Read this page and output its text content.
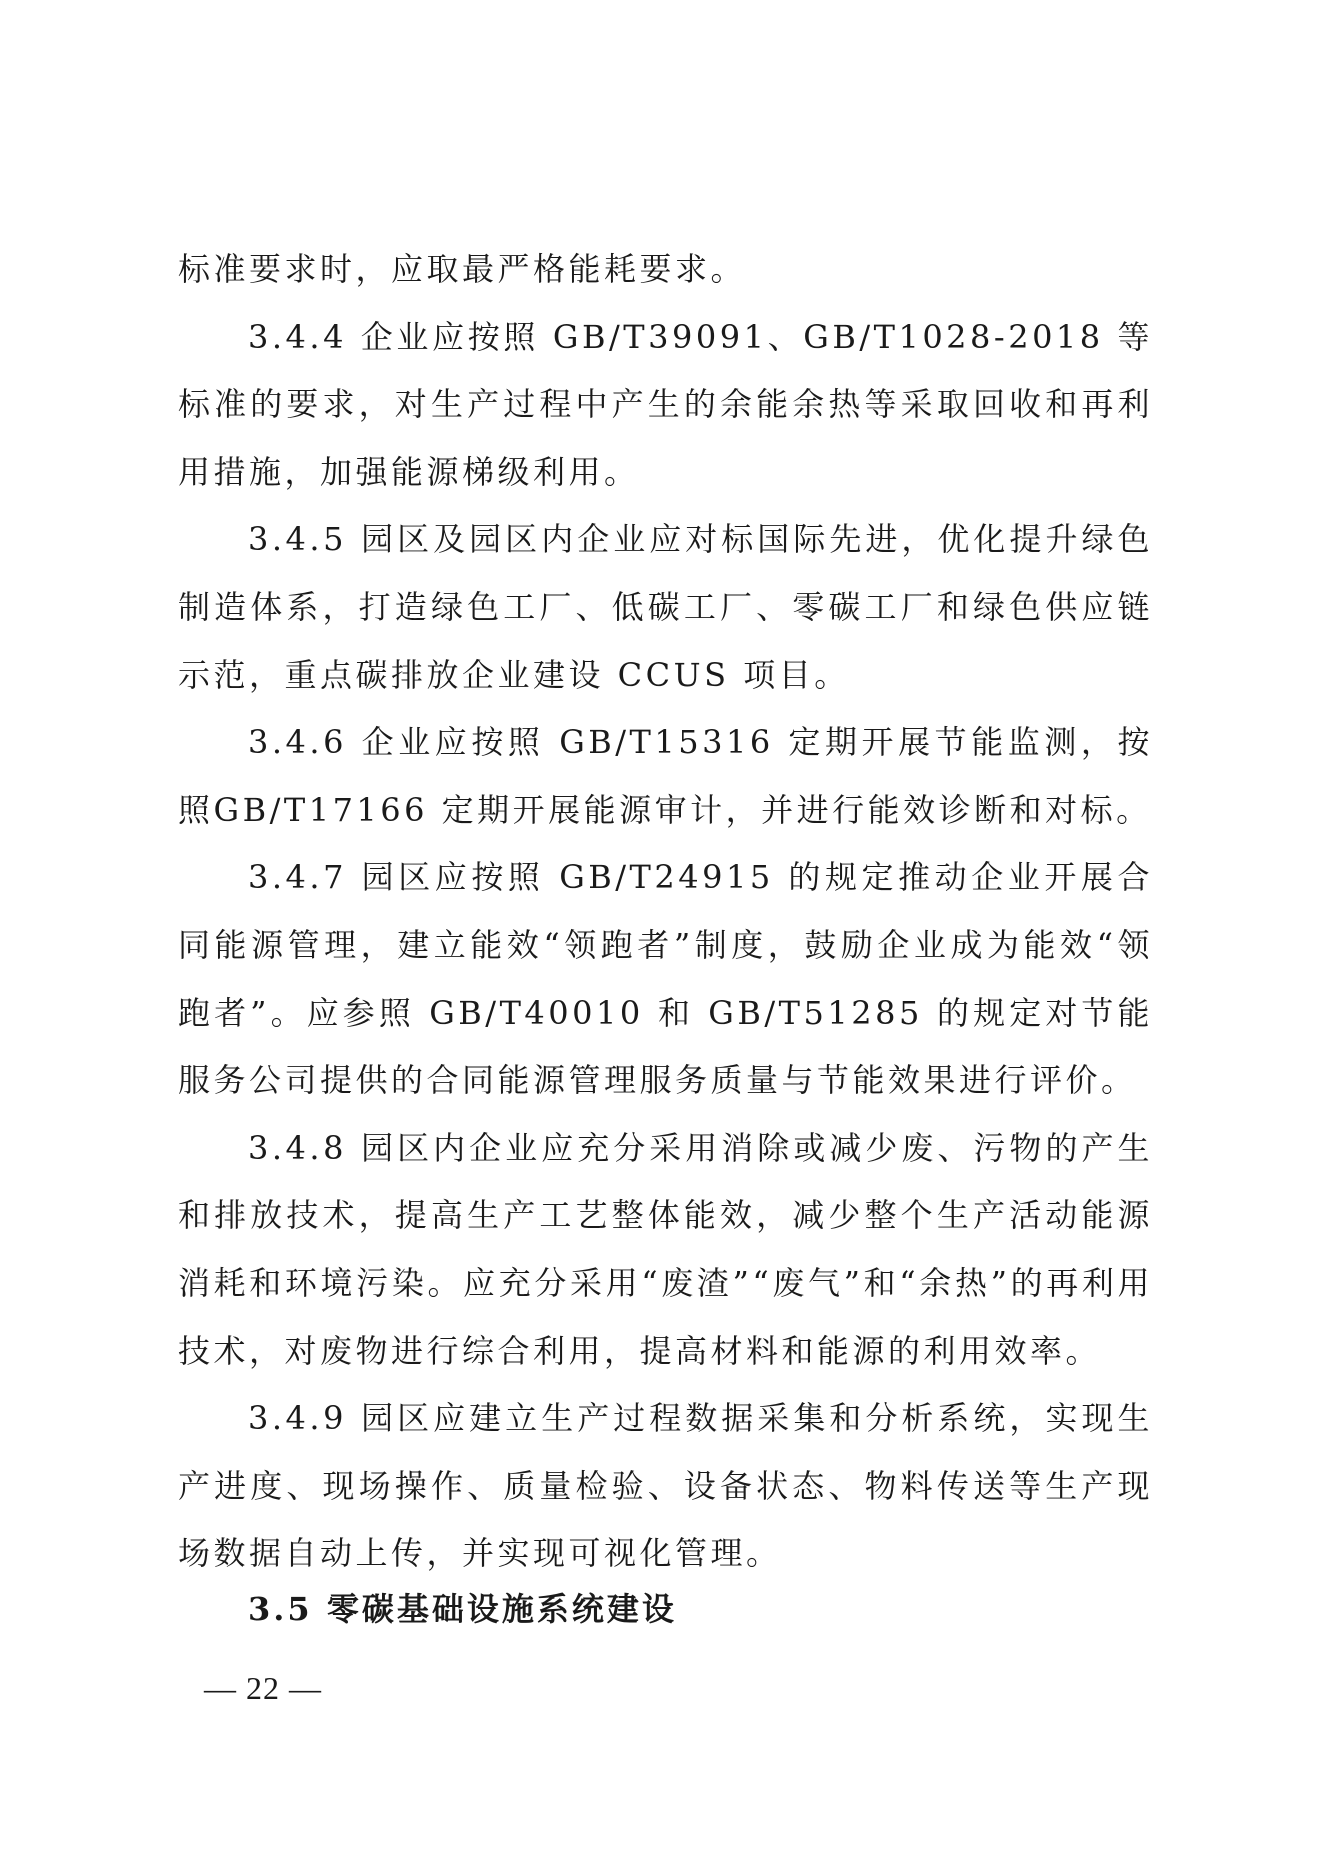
标准要求时，应取最严格能耗要求。

3.4.4 企业应按照 GB/T39091、GB/T1028-2018 等标准的要求，对生产过程中产生的余能余热等采取回收和再利用措施，加强能源梯级利用。

3.4.5 园区及园区内企业应对标国际先进，优化提升绿色制造体系，打造绿色工厂、低碳工厂、零碳工厂和绿色供应链示范，重点碳排放企业建设 CCUS 项目。

3.4.6 企业应按照 GB/T15316 定期开展节能监测，按照GB/T17166 定期开展能源审计，并进行能效诊断和对标。

3.4.7 园区应按照 GB/T24915 的规定推动企业开展合同能源管理，建立能效“领跑者”制度，鼓励企业成为能效“领跑者”。应参照 GB/T40010 和 GB/T51285 的规定对节能服务公司提供的合同能源管理服务质量与节能效果进行评价。

3.4.8 园区内企业应充分采用消除或减少废、污物的产生和排放技术，提高生产工艺整体能效，减少整个生产活动能源消耗和环境污染。应充分采用“废渣”“废气”和“余热”的再利用技术，对废物进行综合利用，提高材料和能源的利用效率。

3.4.9 园区应建立生产过程数据采集和分析系统，实现生产进度、现场操作、质量检验、设备状态、物料传送等生产现场数据自动上传，并实现可视化管理。

3.5 零碳基础设施系统建设
— 22 —
